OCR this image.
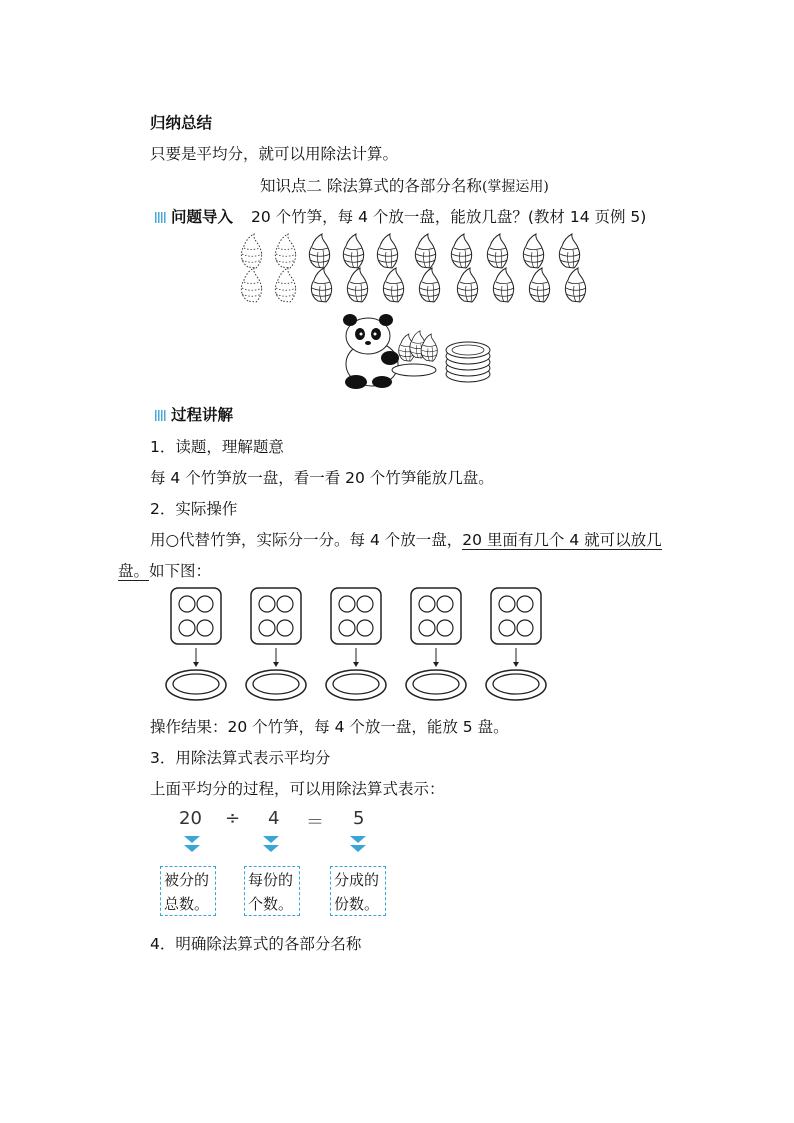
归纳总结
只要是平均分，就可以用除法计算。
知识点二 除法算式的各部分名称(掌握运用)
问题导入 20 个竹笋，每 4 个放一盘，能放几盘？(教材 14 页例 5)
过程讲解
1．读题，理解题意
每 4 个竹笋放一盘，看一看 20 个竹笋能放几盘。
2．实际操作
用○代替竹笋，实际分一分。每 4 个放一盘，20 里面有几个 4 就可以放几
盘。如下图：
操作结果：20 个竹笋，每 4 个放一盘，能放 5 盘。
3．用除法算式表示平均分
上面平均分的过程，可以用除法算式表示：
20 ÷ 4 ＝ 5
被分的总数。
每份的个数。
分成的份数。
4．明确除法算式的各部分名称
